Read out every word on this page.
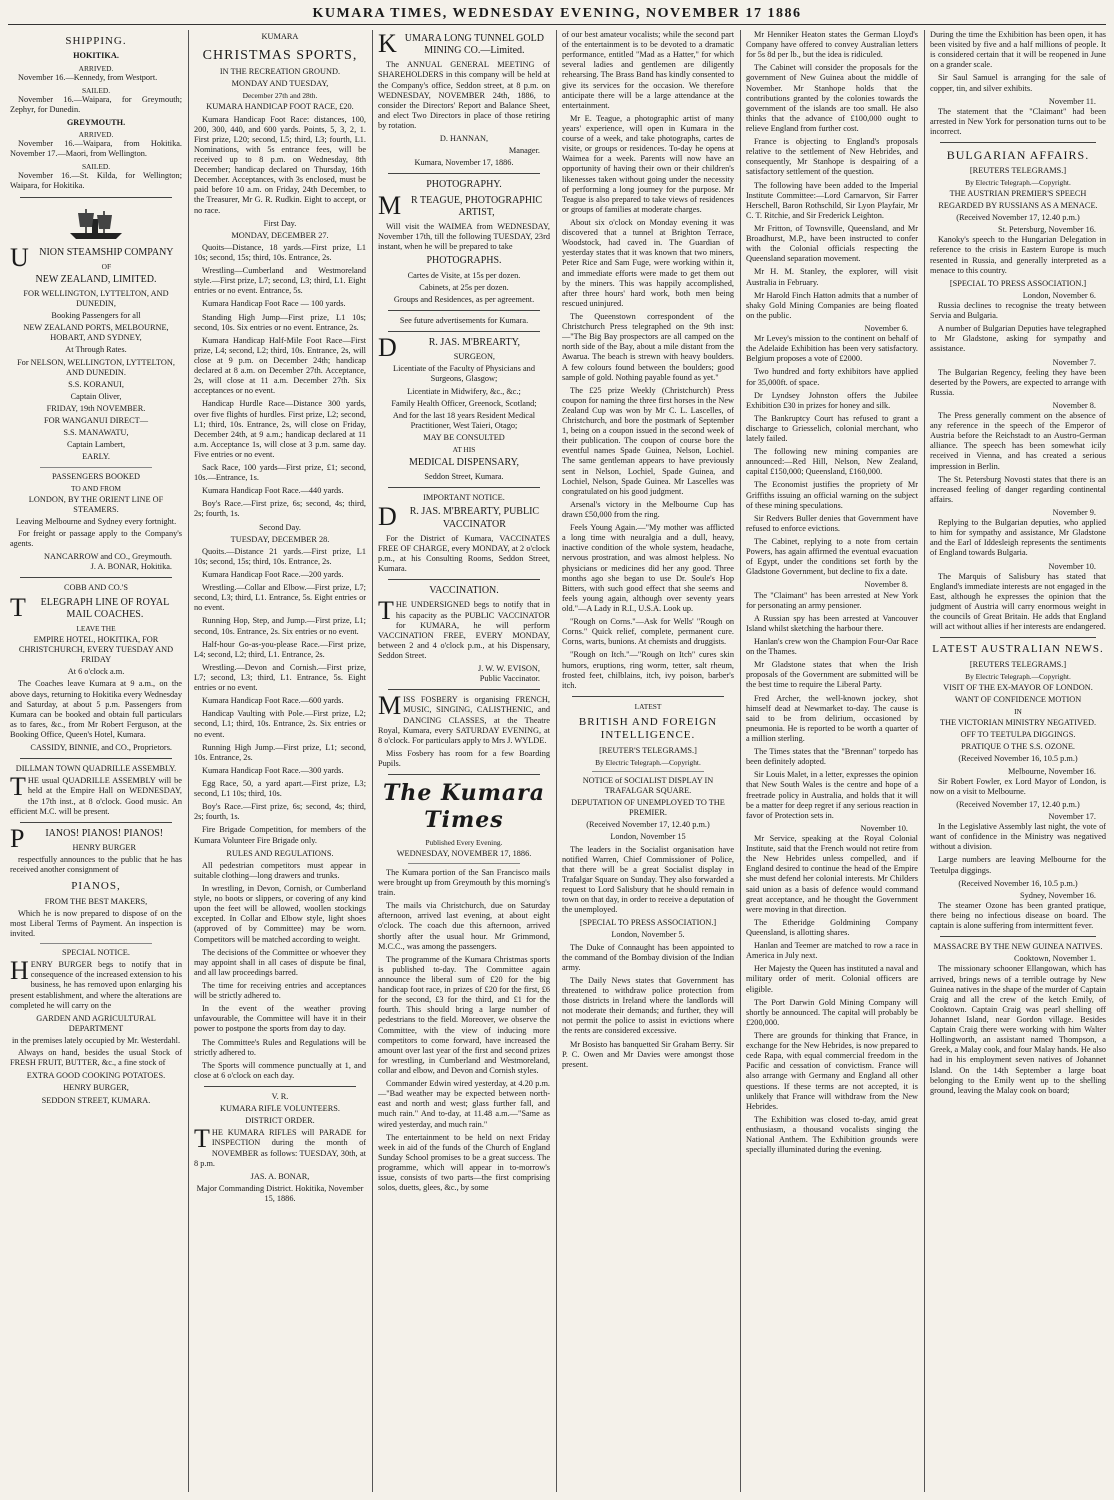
KUMARA TIMES, WEDNESDAY EVENING, NOVEMBER 17 1886
SHIPPING.
HOKITIKA.
ARRIVED.
November 16.—Kennedy, from Westport.
SAILED.
November 16.—Waipara, for Greymouth; Zephyr, for Dunedin.
GREYMOUTH.
ARRIVED.
November 16.—Waipara, from Hokitika. November 17.—Maori, from Wellington.
SAILED.
November 16.—St. Kilda, for Wellington; Waipara, for Hokitika.
UNION STEAMSHIP COMPANY
OF
NEW ZEALAND, LIMITED.
FOR WELLINGTON, LYTTELTON, AND DUNEDIN,
Booking Passengers for all
NEW ZEALAND PORTS, MELBOURNE, HOBART, AND SYDNEY,
At Through Rates.
For NELSON, WELLINGTON, LYTTELTON, AND DUNEDIN.
S.S. KORANUI,
Captain Oliver,
FRIDAY, 19th NOVEMBER.
FOR WANGANUI DIRECT—
S.S. MANAWATU,
Captain Lambert,
EARLY.
PASSENGERS BOOKED
TO AND FROM
LONDON, BY THE ORIENT LINE OF STEAMERS.
Leaving Melbourne and Sydney every fortnight.
For freight or passage apply to the Company's agents.
NANCARROW and CO., Greymouth.
J. A. BONAR, Hokitika.
COBB AND CO.'S
TELEGRAPH LINE OF ROYAL MAIL COACHES.
LEAVE THE
EMPIRE HOTEL, HOKITIKA, FOR CHRISTCHURCH, EVERY TUESDAY AND FRIDAY
At 6 o'clock a.m.
The Coaches leave Kumara at 9 a.m., on the above days, returning to Hokitika every Wednesday and Saturday, at about 5 p.m. Passengers from Kumara can be booked and obtain full particulars as to fares, &c., from Mr Robert Ferguson, at the Booking Office, Queen's Hotel, Kumara.
CASSIDY, BINNIE, and CO., Proprietors.
DILLMAN TOWN QUADRILLE ASSEMBLY.
THE usual QUADRILLE ASSEMBLY will be held at the Empire Hall on WEDNESDAY, the 17th inst., at 8 o'clock. Good music. An efficient M.C. will be present.
PIANOS! PIANOS! PIANOS!
HENRY BURGER
respectfully announces to the public that he has received another consignment of
PIANOS,
FROM THE BEST MAKERS,
Which he is now prepared to dispose of on the most Liberal Terms of Payment. An inspection is invited.
SPECIAL NOTICE.
HENRY BURGER begs to notify that in consequence of the increased extension to his business, he has removed upon enlarging his present establishment, and where the alterations are completed he will carry on the
GARDEN AND AGRICULTURAL DEPARTMENT
in the premises lately occupied by Mr. Westerdahl.
Always on hand, besides the usual Stock of FRESH FRUIT, BUTTER, &c., a fine stock of
EXTRA GOOD COOKING POTATOES.
HENRY BURGER,
SEDDON STREET, KUMARA.
KUMARA
CHRISTMAS SPORTS,
IN THE RECREATION GROUND.
MONDAY AND TUESDAY,
December 27th and 28th.
KUMARA HANDICAP FOOT RACE, £20.
Kumara Handicap Foot Race: distances, 100, 200, 300, 440, and 600 yards. Points, 5, 3, 2, 1. First prize, L20; second, L5; third, L3; fourth, L1. Nominations, with 5s entrance fees, will be received up to 8 p.m. on Wednesday, 8th December; handicap declared on Thursday, 16th December. Acceptances, with 3s enclosed, must be paid before 10 a.m. on Friday, 24th December, to the Treasurer, Mr G. R. Rudkin. Eight to accept, or no race.
First Day.
MONDAY, DECEMBER 27.
Quoits—Distance, 18 yards.—First prize, L1 10s; second, 15s; third, 10s. Entrance, 2s.
Wrestling—Cumberland and Westmoreland style.—First prize, L7; second, L3; third, L1. Eight entries or no event. Entrance, 5s.
Kumara Handicap Foot Race — 100 yards.
Standing High Jump—First prize, L1 10s; second, 10s. Six entries or no event. Entrance, 2s.
Kumara Handicap Half-Mile Foot Race—First prize, L4; second, L2; third, 10s. Entrance, 2s, will close at 9 p.m. on December 24th; handicap declared at 8 a.m. on December 27th. Acceptance, 2s, will close at 11 a.m. December 27th. Six acceptances or no event.
Handicap Hurdle Race—Distance 300 yards, over five flights of hurdles. First prize, L2; second, L1; third, 10s. Entrance, 2s, will close on Friday, December 24th, at 9 a.m.; handicap declared at 11 a.m. Acceptance 1s, will close at 3 p.m. same day. Five entries or no event.
Sack Race, 100 yards—First prize, £1; second, 10s.—Entrance, 1s.
Kumara Handicap Foot Race.—440 yards.
Boy's Race.—First prize, 6s; second, 4s; third, 2s; fourth, 1s.
Second Day.
TUESDAY, DECEMBER 28.
Quoits.—Distance 21 yards.—First prize, L1 10s; second, 15s; third, 10s. Entrance, 2s.
Kumara Handicap Foot Race.—200 yards.
Wrestling.—Collar and Elbow.—First prize, L7; second, L3; third, L1. Entrance, 5s. Eight entries or no event.
Running Hop, Step, and Jump.—First prize, L1; second, 10s. Entrance, 2s. Six entries or no event.
Half-hour Go-as-you-please Race.—First prize, L4; second, L2; third, L1. Entrance, 2s.
Wrestling.—Devon and Cornish.—First prize, L7; second, L3; third, L1. Entrance, 5s. Eight entries or no event.
Kumara Handicap Foot Race.—600 yards.
Handicap Vaulting with Pole.—First prize, L2; second, L1; third, 10s. Entrance, 2s. Six entries or no event.
Running High Jump.—First prize, L1; second, 10s. Entrance, 2s.
Kumara Handicap Foot Race.—300 yards.
Egg Race, 50, a yard apart.—First prize, L3; second, L1 10s; third, 10s.
Boy's Race.—First prize, 6s; second, 4s; third, 2s; fourth, 1s.
Fire Brigade Competition, for members of the Kumara Volunteer Fire Brigade only.
RULES AND REGULATIONS.
All pedestrian competitors must appear in suitable clothing—long drawers and trunks.
In wrestling, in Devon, Cornish, or Cumberland style, no boots or slippers, or covering of any kind upon the feet will be allowed, woollen stockings excepted. In Collar and Elbow style, light shoes (approved of by Committee) may be worn. Competitors will be matched according to weight.
The decisions of the Committee or whoever they may appoint shall in all cases of dispute be final, and all law proceedings barred.
The time for receiving entries and acceptances will be strictly adhered to.
In the event of the weather proving unfavourable, the Committee will have it in their power to postpone the sports from day to day.
The Committee's Rules and Regulations will be strictly adhered to.
The Sports will commence punctually at 1, and close at 6 o'clock on each day.
V. R.
KUMARA RIFLE VOLUNTEERS.
DISTRICT ORDER.
THE KUMARA RIFLES will PARADE for INSPECTION during the month of NOVEMBER as follows: TUESDAY, 30th, at 8 p.m.
JAS. A. BONAR,
Major Commanding District. Hokitika, November 15, 1886.
KUMARA LONG TUNNEL GOLD MINING CO.—Limited.
The ANNUAL GENERAL MEETING of SHAREHOLDERS in this company will be held at the Company's office, Seddon street, at 8 p.m. on WEDNESDAY, NOVEMBER 24th, 1886, to consider the Directors' Report and Balance Sheet, and elect Two Directors in place of those retiring by rotation.
D. HANNAN,
Manager.
Kumara, November 17, 1886.
PHOTOGRAPHY.
MR TEAGUE, PHOTOGRAPHIC ARTIST,
Will visit the WAIMEA from WEDNESDAY, November 17th, till the following TUESDAY, 23rd instant, when he will be prepared to take
PHOTOGRAPHS.
Cartes de Visite, at 15s per dozen.
Cabinets, at 25s per dozen.
Groups and Residences, as per agreement.
See future advertisements for Kumara.
DR. JAS. M'BREARTY,
SURGEON,
Licentiate of the Faculty of Physicians and Surgeons, Glasgow;
Licentiate in Midwifery, &c., &c.;
Family Health Officer, Greenock, Scotland;
And for the last 18 years Resident Medical Practitioner, West Taieri, Otago;
MAY BE CONSULTED
AT HIS
MEDICAL DISPENSARY,
Seddon Street, Kumara.
IMPORTANT NOTICE.
DR. JAS. M'BREARTY, PUBLIC VACCINATOR
For the District of Kumara, VACCINATES FREE OF CHARGE, every MONDAY, at 2 o'clock p.m., at his Consulting Rooms, Seddon Street, Kumara.
VACCINATION.
THE UNDERSIGNED begs to notify that in his capacity as the PUBLIC VACCINATOR for KUMARA, he will perform VACCINATION FREE, EVERY MONDAY, between 2 and 4 o'clock p.m., at his Dispensary, Seddon Street.
J. W. W. EVISON,
Public Vaccinator.
MISS FOSBERY is organising FRENCH, MUSIC, SINGING, CALISTHENIC, and DANCING CLASSES, at the Theatre Royal, Kumara, every SATURDAY EVENING, at 8 o'clock. For particulars apply to Mrs J. WYLDE.
Miss Fosbery has room for a few Boarding Pupils.
The Kumara Times
Published Every Evening.
WEDNESDAY, NOVEMBER 17, 1886.
The Kumara portion of the San Francisco mails were brought up from Greymouth by this morning's train.
The mails via Christchurch, due on Saturday afternoon, arrived last evening, at about eight o'clock. The coach due this afternoon, arrived shortly after the usual hour. Mr Grimmond, M.C.C., was among the passengers.
The programme of the Kumara Christmas sports is published to-day. The Committee again announce the liberal sum of £20 for the big handicap foot race, in prizes of £20 for the first, £6 for the second, £3 for the third, and £1 for the fourth. This should bring a large number of pedestrians to the field. Moreover, we observe the Committee, with the view of inducing more competitors to come forward, have increased the amount over last year of the first and second prizes for wrestling, in Cumberland and Westmoreland, collar and elbow, and Devon and Cornish styles.
Commander Edwin wired yesterday, at 4.20 p.m.—"Bad weather may be expected between north-east and north and west; glass further fall, and much rain." And to-day, at 11.48 a.m.—"Same as wired yesterday, and much rain."
The entertainment to be held on next Friday week in aid of the funds of the Church of England Sunday School promises to be a great success. The programme, which will appear in to-morrow's issue, consists of two parts—the first comprising solos, duetts, glees, &c., by some
of our best amateur vocalists; while the second part of the entertainment is to be devoted to a dramatic performance, entitled "Mad as a Hatter," for which several ladies and gentlemen are diligently rehearsing. The Brass Band has kindly consented to give its services for the occasion. We therefore anticipate there will be a large attendance at the entertainment.
Mr E. Teague, a photographic artist of many years' experience, will open in Kumara in the course of a week, and take photographs, cartes de visite, or groups or residences. To-day he opens at Waimea for a week. Parents will now have an opportunity of having their own or their children's likenesses taken without going under the necessity of performing a long journey for the purpose. Mr Teague is also prepared to take views of residences or groups of families at moderate charges.
About six o'clock on Monday evening it was discovered that a tunnel at Brighton Terrace, Woodstock, had caved in. The Guardian of yesterday states that it was known that two miners, Peter Rice and Sam Fuge, were working within it, and immediate efforts were made to get them out by the miners. This was happily accomplished, after three hours' hard work, both men being rescued uninjured.
The Queenstown correspondent of the Christchurch Press telegraphed on the 9th inst:—"The Big Bay prospectors are all camped on the north side of the Bay, about a mile distant from the Awarua. The beach is strewn with heavy boulders. A few colours found between the boulders; good sample of gold. Nothing payable found as yet."
The £25 prize Weekly (Christchurch) Press coupon for naming the three first horses in the New Zealand Cup was won by Mr C. L. Lascelles, of Christchurch, and bore the postmark of September 1, being on a coupon issued in the second week of their publication. The coupon of course bore the eventful names Spade Guinea, Nelson, Lochiel. The same gentleman appears to have previously sent in Nelson, Lochiel, Spade Guinea, and Lochiel, Nelson, Spade Guinea. Mr Lascelles was congratulated on his good judgment.
Arsenal's victory in the Melbourne Cup has drawn £50,000 from the ring.
Feels Young Again.—"My mother was afflicted a long time with neuralgia and a dull, heavy, inactive condition of the whole system, headache, nervous prostration, and was almost helpless. No physicians or medicines did her any good. Three months ago she began to use Dr. Soule's Hop Bitters, with such good effect that she seems and feels young again, although over seventy years old."—A Lady in R.I., U.S.A. Look up.
"Rough on Corns."—Ask for Wells' "Rough on Corns." Quick relief, complete, permanent cure. Corns, warts, bunions. At chemists and druggists.
"Rough on Itch."—"Rough on Itch" cures skin humors, eruptions, ring worm, tetter, salt rheum, frosted feet, chilblains, itch, ivy poison, barber's itch.
LATEST
BRITISH AND FOREIGN INTELLIGENCE.
[REUTER'S TELEGRAMS.]
By Electric Telegraph.—Copyright.
NOTICE of SOCIALIST DISPLAY IN TRAFALGAR SQUARE.
DEPUTATION OF UNEMPLOYED TO THE PREMIER.
(Received November 17, 12.40 p.m.)
London, November 15
The leaders in the Socialist organisation have notified Warren, Chief Commissioner of Police, that there will be a great Socialist display in Trafalgar Square on Sunday. They also forwarded a request to Lord Salisbury that he should remain in town on that day, in order to receive a deputation of the unemployed.
[SPECIAL TO PRESS ASSOCIATION.]
London, November 5.
The Duke of Connaught has been appointed to the command of the Bombay division of the Indian army.
The Daily News states that Government has threatened to withdraw police protection from those districts in Ireland where the landlords will not moderate their demands; and further, they will not permit the police to assist in evictions where the rents are considered excessive.
Mr Bosisto has banquetted Sir Graham Berry. Sir P. C. Owen and Mr Davies were amongst those present.
Mr Henniker Heaton states the German Lloyd's Company have offered to convey Australian letters for 5s 8d per lb., but the idea is ridiculed.
The Cabinet will consider the proposals for the government of New Guinea about the middle of November. Mr Stanhope holds that the contributions granted by the colonies towards the government of the islands are too small. He also thinks that the advance of £100,000 ought to relieve England from further cost.
France is objecting to England's proposals relative to the settlement of New Hebrides, and consequently, Mr Stanhope is despairing of a satisfactory settlement of the question.
The following have been added to the Imperial Institute Committee:—Lord Carnarvon, Sir Farrer Herschell, Baron Rothschild, Sir Lyon Playfair, Mr C. T. Ritchie, and Sir Frederick Leighton.
Mr Fritton, of Townsville, Queensland, and Mr Broadhurst, M.P., have been instructed to confer with the Colonial officials respecting the Queensland separation movement.
Mr H. M. Stanley, the explorer, will visit Australia in February.
Mr Harold Finch Hatton admits that a number of shaky Gold Mining Companies are being floated on the public.
November 6.
Mr Levey's mission to the continent on behalf of the Adelaide Exhibition has been very satisfactory. Belgium proposes a vote of £2000.
Two hundred and forty exhibitors have applied for 35,000ft. of space.
Dr Lyndsey Johnston offers the Jubilee Exhibition £30 in prizes for honey and silk.
The Bankruptcy Court has refused to grant a discharge to Griesselich, colonial merchant, who lately failed.
The following new mining companies are announced:—Red Hill, Nelson, New Zealand, capital £150,000; Queensland, £160,000.
The Economist justifies the propriety of Mr Griffiths issuing an official warning on the subject of these mining speculations.
Sir Redvers Buller denies that Government have refused to enforce evictions.
The Cabinet, replying to a note from certain Powers, has again affirmed the eventual evacuation of Egypt, under the conditions set forth by the Gladstone Government, but decline to fix a date.
November 8.
The "Claimant" has been arrested at New York for personating an army pensioner.
A Russian spy has been arrested at Vancouver Island whilst sketching the harbour there.
Hanlan's crew won the Champion Four-Oar Race on the Thames.
Mr Gladstone states that when the Irish proposals of the Government are submitted will be the best time to require the Liberal Party.
Fred Archer, the well-known jockey, shot himself dead at Newmarket to-day. The cause is said to be from delirium, occasioned by pneumonia. He is reported to be worth a quarter of a million sterling.
The Times states that the "Brennan" torpedo has been definitely adopted.
Sir Louis Malet, in a letter, expresses the opinion that New South Wales is the centre and hope of a freetrade policy in Australia, and holds that it will be a matter for deep regret if any serious reaction in favor of Protection sets in.
November 10.
Mr Service, speaking at the Royal Colonial Institute, said that the French would not retire from the New Hebrides unless compelled, and if England desired to continue the head of the Empire she must defend her colonial interests. Mr Childers said union as a basis of defence would command great acceptance, and he thought the Government were moving in that direction.
The Etheridge Goldmining Company Queensland, is allotting shares.
Hanlan and Teemer are matched to row a race in America in July next.
Her Majesty the Queen has instituted a naval and military order of merit. Colonial officers are eligible.
The Port Darwin Gold Mining Company will shortly be announced. The capital will probably be £200,000.
There are grounds for thinking that France, in exchange for the New Hebrides, is now prepared to cede Rapa, with equal commercial freedom in the Pacific and cessation of convictism. France will also arrange with Germany and England all other questions. If these terms are not accepted, it is unlikely that France will withdraw from the New Hebrides.
The Exhibition was closed to-day, amid great enthusiasm, a thousand vocalists singing the National Anthem. The Exhibition grounds were specially illuminated during the evening.
During the time the Exhibition has been open, it has been visited by five and a half millions of people. It is considered certain that it will be reopened in June on a grander scale.
Sir Saul Samuel is arranging for the sale of copper, tin, and silver exhibits.
November 11.
The statement that the "Claimant" had been arrested in New York for personation turns out to be incorrect.
BULGARIAN AFFAIRS.
[REUTERS TELEGRAMS.]
By Electric Telegraph.—Copyright.
THE AUSTRIAN PREMIER'S SPEECH
REGARDED BY RUSSIANS AS A MENACE.
(Received November 17, 12.40 p.m.)
St. Petersburg, November 16.
Kanoky's speech to the Hungarian Delegation in reference to the crisis in Eastern Europe is much resented in Russia, and generally interpreted as a menace to this country.
[SPECIAL TO PRESS ASSOCIATION.]
London, November 6.
Russia declines to recognise the treaty between Servia and Bulgaria.
A number of Bulgarian Deputies have telegraphed to Mr Gladstone, asking for sympathy and assistance.
November 7.
The Bulgarian Regency, feeling they have been deserted by the Powers, are expected to arrange with Russia.
November 8.
The Press generally comment on the absence of any reference in the speech of the Emperor of Austria before the Reichstadt to an Austro-German alliance. The speech has been somewhat icily received in Vienna, and has created a serious impression in Berlin.
The St. Petersburg Novosti states that there is an increased feeling of danger regarding continental affairs.
November 9.
Replying to the Bulgarian deputies, who applied to him for sympathy and assistance, Mr Gladstone and the Earl of Iddesleigh represents the sentiments of England towards Bulgaria.
November 10.
The Marquis of Salisbury has stated that England's immediate interests are not engaged in the East, although he expresses the opinion that the judgment of Austria will carry enormous weight in the councils of Great Britain. He adds that England will act without allies if her interests are endangered.
LATEST AUSTRALIAN NEWS.
[REUTERS TELEGRAMS.]
By Electric Telegraph.—Copyright.
VISIT OF THE EX-MAYOR OF LONDON.
WANT OF CONFIDENCE MOTION
IN
THE VICTORIAN MINISTRY NEGATIVED.
OFF TO TEETULPA DIGGINGS.
PRATIQUE O THE S.S. OZONE.
(Received November 16, 10.5 p.m.)
Melbourne, November 16.
Sir Robert Fowler, ex Lord Mayor of London, is now on a visit to Melbourne.
(Received November 17, 12.40 p.m.)
November 17.
In the Legislative Assembly last night, the vote of want of confidence in the Ministry was negatived without a division.
Large numbers are leaving Melbourne for the Teetulpa diggings.
(Received November 16, 10.5 p.m.)
Sydney, November 16.
The steamer Ozone has been granted pratique, there being no infectious disease on board. The captain is alone suffering from intermittent fever.
MASSACRE BY THE NEW GUINEA NATIVES.
Cooktown, November 1.
The missionary schooner Ellangowan, which has arrived, brings news of a terrible outrage by New Guinea natives in the shape of the murder of Captain Craig and all the crew of the ketch Emily, of Cooktown. Captain Craig was pearl shelling off Johannet Island, near Gordon village. Besides Captain Craig there were working with him Walter Hollingworth, an assistant named Thompson, a Greek, a Malay cook, and four Malay hands. He also had in his employment seven natives of Johannet Island. On the 14th September a large boat belonging to the Emily went up to the shelling ground, leaving the Malay cook on board;
